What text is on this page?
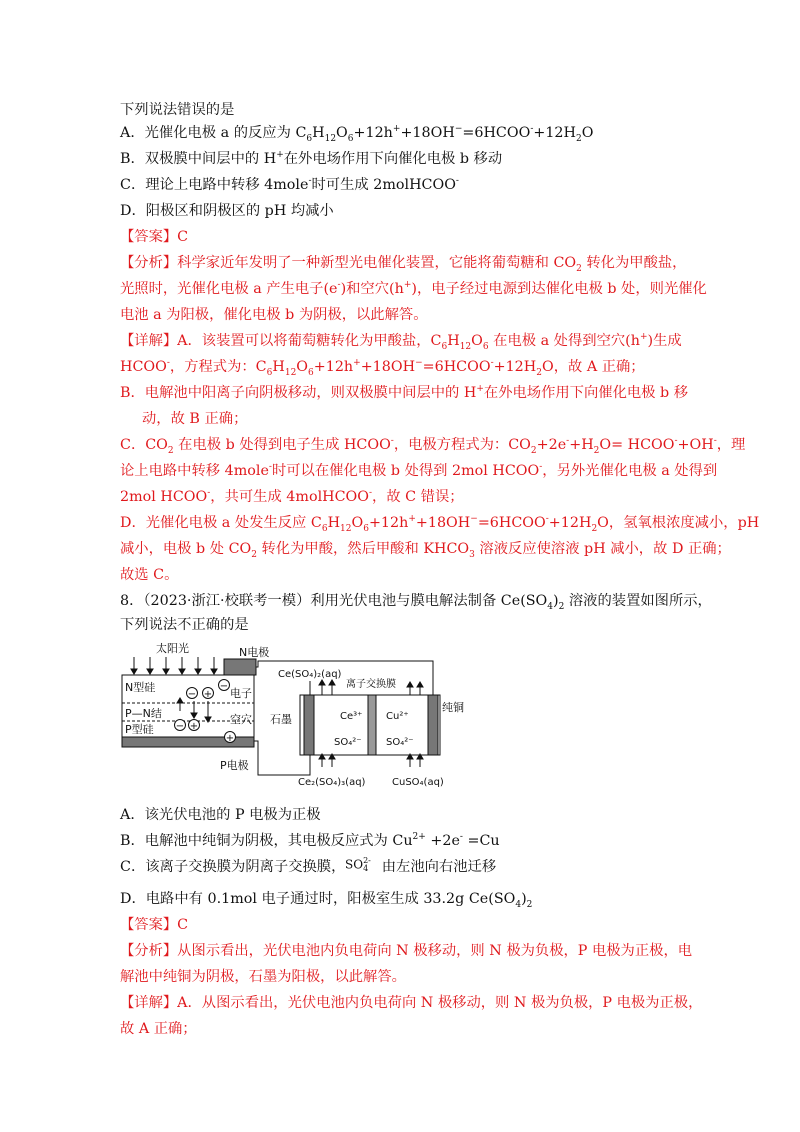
下列说法错误的是
A．光催化电极 a 的反应为 $C_6H_{12}O_6+12h^++18OH^-=6HCOO^-+12H_2O$
B．双极膜中间层中的 H+在外电场作用下向催化电极 b 移动
C．理论上电路中转移 4mole-时可生成 2molHCOO-
D．阳极区和阴极区的 pH 均减小
【答案】C
【分析】科学家近年发明了一种新型光电催化装置，它能将葡萄糖和 $CO_2$ 转化为甲酸盐，
光照时，光催化电极 a 产生电子(e-)和空穴(h+)，电子经过电源到达催化电极 b 处，则光催化
电池 a 为阳极，催化电极 b 为阴极，以此解答。
【详解】A．该装置可以将葡萄糖转化为甲酸盐，$C_6H_{12}O_6$ 在电极 a 处得到空穴(h+)生成
HCOO-，方程式为：$C_6H_{12}O_6+12h^++18OH^-=6HCOO^-+12H_2O$，故 A 正确；
B．电解池中阳离子向阴极移动，则双极膜中间层中的 H+在外电场作用下向催化电极 b 移
动，故 B 正确；
C．$CO_2$ 在电极 b 处得到电子生成 HCOO-，电极方程式为：$CO_2+2e^-+H_2O=$ HCOO-+OH-，理
论上电路中转移 4mole-时可以在催化电极 b 处得到 2mol HCOO-，另外光催化电极 a 处得到
2mol HCOO-，共可生成 4molHCOO-，故 C 错误；
D．光催化电极 a 处发生反应 $C_6H_{12}O_6+12h^++18OH^-=6HCOO^-+12H_2O$，氢氧根浓度减小，pH
减小，电极 b 处 $CO_2$ 转化为甲酸，然后甲酸和 $KHCO_3$ 溶液反应使溶液 pH 减小，故 D 正确；
故选 C。
8．（2023·浙江·校联考一模）利用光伏电池与膜电解法制备 $Ce(SO_4)_2$ 溶液的装置如图所示，
下列说法不正确的是
太阳光	N电极
N型硅
P—N结
P型硅
P电极
电子
空穴
− +
−
− +
+
Ce³⁺
SO₄²⁻
Cu²⁺
SO₄²⁻
石墨
纯铜
Ce(SO₄)₂(aq)
离子交换膜
Ce₂(SO₄)₃(aq)	CuSO₄(aq)
A．该光伏电池的 P 电极为正极
B．电解池中纯铜为阴极，其电极反应式为 $Cu^{2+} +2e^- =Cu$
C．该离子交换膜为阴离子交换膜，	由左池向右池迁移
SO 2-
4
D．电路中有 0.1mol 电子通过时，阳极室生成 33.2g $Ce(SO_4)_2$
【答案】C
【分析】从图示看出，光伏电池内负电荷向 N 极移动，则 N 极为负极，P 电极为正极，电
解池中纯铜为阴极，石墨为阳极，以此解答。
【详解】A．从图示看出，光伏电池内负电荷向 N 极移动，则 N 极为负极，P 电极为正极，
故 A 正确；
